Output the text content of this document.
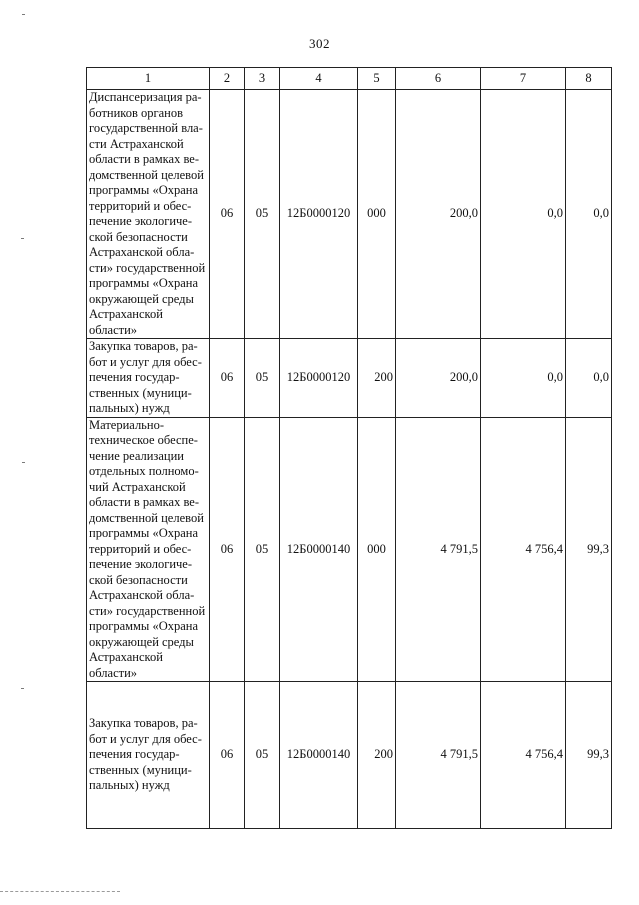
302
1	2	3	4	5	6	7	8
Диспансеризация работников органов государственной власти Астраханской области в рамках ведомственной целевой программы «Охрана территорий и обеспечение экологической безопасности Астраханской области» государственной программы «Охрана окружающей среды Астраханской области»	06	05	12Б0000120	000	200,0	0,0	0,0
Закупка товаров, работ и услуг для обеспечения государственных (муниципальных) нужд	06	05	12Б0000120	200	200,0	0,0	0,0
Материально-техническое обеспечение реализации отдельных полномочий Астраханской области в рамках ведомственной целевой программы «Охрана территорий и обеспечение экологической безопасности Астраханской области» государственной программы «Охрана окружающей среды Астраханской области»	06	05	12Б0000140	000	4 791,5	4 756,4	99,3
Закупка товаров, работ и услуг для обеспечения государственных (муниципальных) нужд	06	05	12Б0000140	200	4 791,5	4 756,4	99,3
